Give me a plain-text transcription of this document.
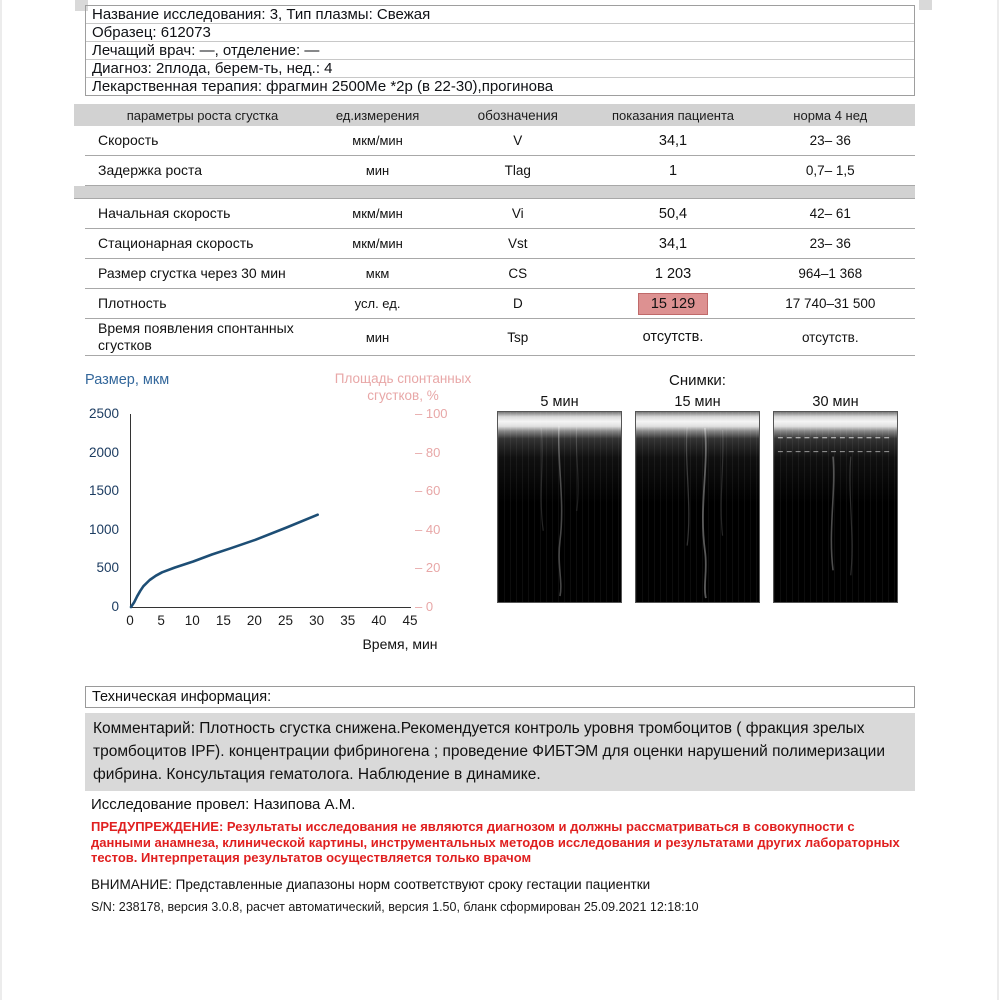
Название исследования: 3, Тип плазмы: Свежая
Образец: 612073
Лечащий врач: —, отделение: —
Диагноз: 2плода, берем-ть, нед.: 4
Лекарственная терапия: фрагмин 2500Ме *2р (в 22-30),прогинова
параметры роста сгустка	ед.измерения	обозначения	показания пациента	норма 4 нед
Скорость	мкм/мин	V	34,1	23– 36
Задержка роста	мин	Tlag	1	0,7– 1,5
Начальная скорость	мкм/мин	Vi	50,4	42– 61
Стационарная скорость	мкм/мин	Vst	34,1	23– 36
Размер сгустка через 30 мин	мкм	CS	1 203	964–1 368
Плотность	усл. ед.	D	15 129	17 740–31 500
Время появления спонтанных сгустков	мин	Tsp	отсутств.	отсутств.
Размер, мкм	Площадь спонтанных сгустков, %
0
500
1000
1500
2000
2500
– 0
– 20
– 40
– 60
– 80
– 100
0 5 10 15 20 25 30 35 40 45
Время, мин
Снимки:
5 мин	15 мин	30 мин
Техническая информация:
Комментарий: Плотность сгустка снижена.Рекомендуется контроль уровня тромбоцитов ( фракция зрелых тромбоцитов IPF). концентрации фибриногена ; проведение ФИБТЭМ для оценки нарушений полимеризации фибрина. Консультация гематолога. Наблюдение в динамике.
Исследование провел: Назипова А.М.
ПРЕДУПРЕЖДЕНИЕ: Результаты исследования не являются диагнозом и должны рассматриваться в совокупности с данными анамнеза, клинической картины, инструментальных методов исследования и результатами других лабораторных тестов. Интерпретация результатов осуществляется только врачом
ВНИМАНИЕ: Представленные диапазоны норм соответствуют сроку гестации пациентки
S/N: 238178, версия 3.0.8, расчет автоматический, версия 1.50, бланк сформирован 25.09.2021 12:18:10
